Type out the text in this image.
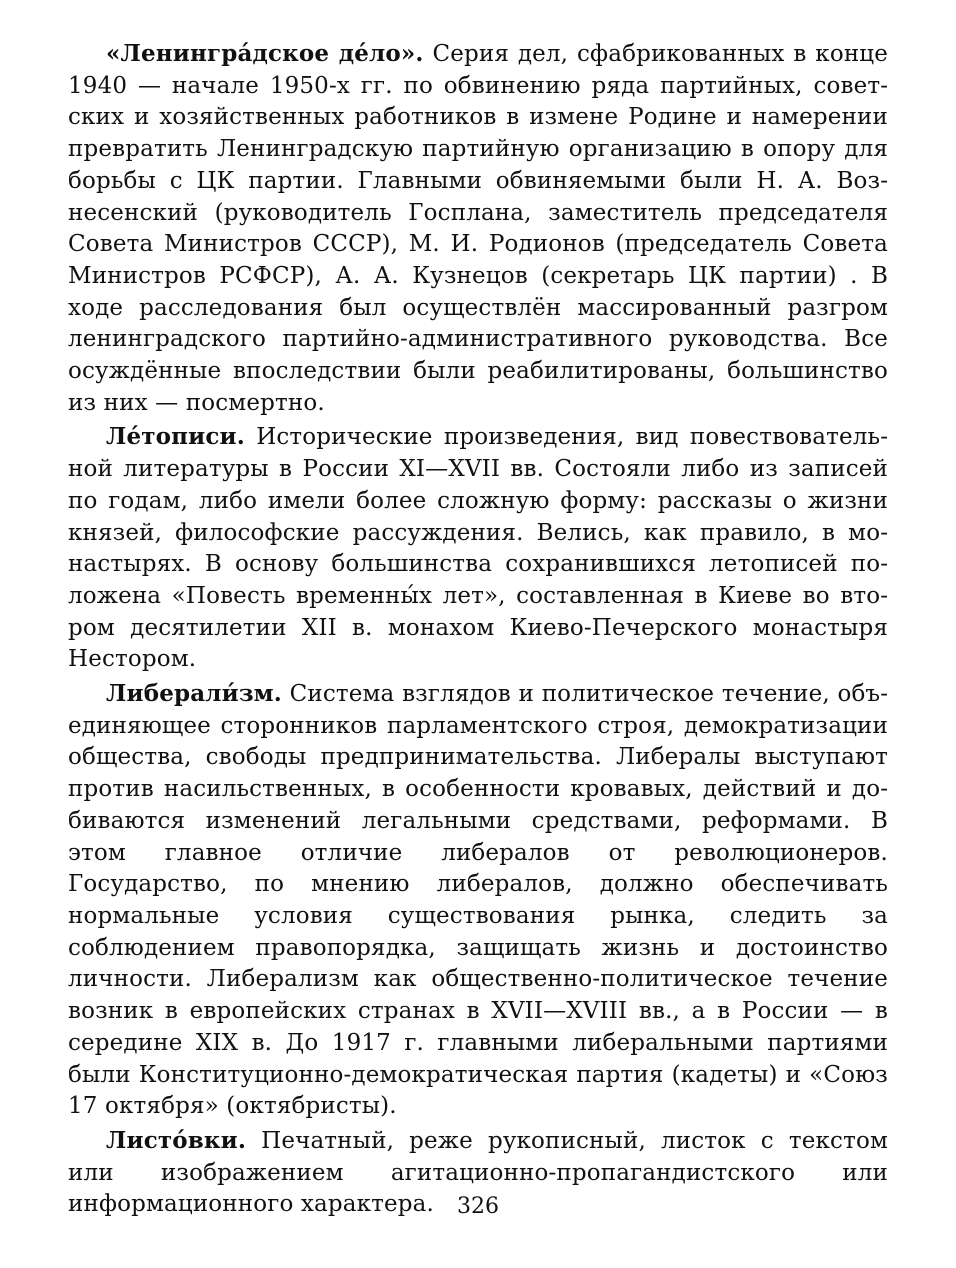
«Ленингра́дское де́ло». Серия дел, сфабрикованных в конце 1940 — начале 1950-х гг. по обвинению ряда партийных, советских и хозяйственных работников в измене Родине и намерении превратить Ленинградскую партийную организацию в опору для борьбы с ЦК партии. Главными обвиняемыми были Н. А. Вознесенский (руководитель Госплана, заместитель председателя Совета Министров СССР), М. И. Родионов (председатель Совета Министров РСФСР), А. А. Кузнецов (секретарь ЦК партии) . В ходе расследования был осуществлён массированный разгром ленинградского партийно-административного руководства. Все осуждённые впоследствии были реабилитированы, большинство из них — посмертно.

Ле́тописи. Исторические произведения, вид повествовательной литературы в России XI—XVII вв. Состояли либо из записей по годам, либо имели более сложную форму: рассказы о жизни князей, философские рассуждения. Велись, как правило, в монастырях. В основу большинства сохранившихся летописей положена «Повесть временны́х лет», составленная в Киеве во втором десятилетии XII в. монахом Киево-Печерского монастыря Нестором.

Либерали́зм. Система взглядов и политическое течение, объединяющее сторонников парламентского строя, демократизации общества, свободы предпринимательства. Либералы выступают против насильственных, в особенности кровавых, действий и добиваются изменений легальными средствами, реформами. В этом главное отличие либералов от революционеров. Государство, по мнению либералов, должно обеспечивать нормальные условия существования рынка, следить за соблюдением правопорядка, защищать жизнь и достоинство личности. Либерализм как общественно-политическое течение возник в европейских странах в XVII—XVIII вв., а в России — в середине XIX в. До 1917 г. главными либеральными партиями были Конституционно-демократическая партия (кадеты) и «Союз 17 октября» (октябристы).

Листо́вки. Печатный, реже рукописный, листок с текстом или изображением агитационно-пропагандистского или информационного характера.	326
